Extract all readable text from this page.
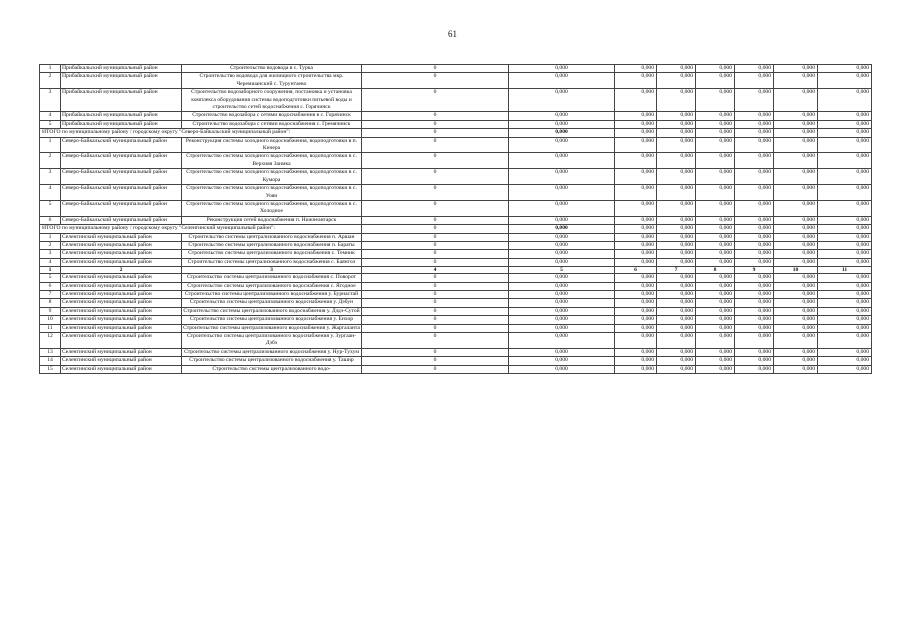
61
1	Прибайкальский муниципальный район	Строительство водовода в с. Турка	0	0,000	0,000	0,000	0,000	0,000	0,000	0,000
2	Прибайкальский муниципальный район	Строительство водовода для жилищного строительства мкр. Черемшанский с. Турунтаево	0	0,000	0,000	0,000	0,000	0,000	0,000	0,000
3	Прибайкальский муниципальный район	Строительство водозаборного сооружения, постановка и установка комплекса оборудования системы водоподготовки питьевой воды и строительство сетей водоснабжения с. Горячинск	0	0,000	0,000	0,000	0,000	0,000	0,000	0,000
4	Прибайкальский муниципальный район	Строительство водозабора с сетями водоснабжения в с. Горячинск	0	0,000	0,000	0,000	0,000	0,000	0,000	0,000
5	Прибайкальский муниципальный район	Строительство водозабора с сетями водоснабжения с. Гремячинск	0	0,000	0,000	0,000	0,000	0,000	0,000	0,000
ИТОГО по муниципальному району / городскому округу "Северо-Байкальский муниципальный район":			0	0,000	0,000	0,000	0,000	0,000	0,000	0,000
1	Северо-Байкальский муниципальный район	Реконструкция системы холодного водоснабжения, водоподготовки в п. Кичера	0	0,000	0,000	0,000	0,000	0,000	0,000	0,000
2	Северо-Байкальский муниципальный район	Строительство системы холодного водоснабжения, водоподготовки в с. Верхняя Заимка	0	0,000	0,000	0,000	0,000	0,000	0,000	0,000
3	Северо-Байкальский муниципальный район	Строительство системы холодного водоснабжения, водоподготовки в с. Кумора	0	0,000	0,000	0,000	0,000	0,000	0,000	0,000
4	Северо-Байкальский муниципальный район	Строительство системы холодного водоснабжения, водоподготовки в с. Уоян	0	0,000	0,000	0,000	0,000	0,000	0,000	0,000
5	Северо-Байкальский муниципальный район	Строительство системы холодного водоснабжения, водоподготовки в с. Холодное	0	0,000	0,000	0,000	0,000	0,000	0,000	0,000
6	Северо-Байкальский муниципальный район	Реконструкция сетей водоснабжения п. Нижнеангарск	0	0,000	0,000	0,000	0,000	0,000	0,000	0,000
ИТОГО по муниципальному району / городскому округу "Селенгинский муниципальный район":			0	0,000	0,000	0,000	0,000	0,000	0,000	0,000
1	Селенгинский муниципальный район	Строительство системы централизованного водоснабжения п. Аршан	0	0,000	0,000	0,000	0,000	0,000	0,000	0,000
2	Селенгинский муниципальный район	Строительство системы централизованного водоснабжения п. Бараты	0	0,000	0,000	0,000	0,000	0,000	0,000	0,000
3	Селенгинский муниципальный район	Строительство системы централизованного водоснабжения с. Темник	0	0,000	0,000	0,000	0,000	0,000	0,000	0,000
4	Селенгинский муниципальный район	Строительство системы централизованного водоснабжения с. Баянгол	0	0,000	0,000	0,000	0,000	0,000	0,000	0,000
1	2	3	4	5	6	7	8	9	10	11
5	Селенгинский муниципальный район	Строительство системы централизованного водоснабжения с. Поворот	0	0,000	0,000	0,000	0,000	0,000	0,000	0,000
6	Селенгинский муниципальный район	Строительство системы централизованного водоснабжения с. Ягодное	0	0,000	0,000	0,000	0,000	0,000	0,000	0,000
7	Селенгинский муниципальный район	Строительство системы централизованного водоснабжения у. Бурнастай	0	0,000	0,000	0,000	0,000	0,000	0,000	0,000
8	Селенгинский муниципальный район	Строительство системы централизованного водоснабжения у. Дэбун	0	0,000	0,000	0,000	0,000	0,000	0,000	0,000
9	Селенгинский муниципальный район	Строительство системы централизованного водоснабжения у. Дэдэ-Сутой	0	0,000	0,000	0,000	0,000	0,000	0,000	0,000
10	Селенгинский муниципальный район	Строительство системы централизованного водоснабжения у. Енхор	0	0,000	0,000	0,000	0,000	0,000	0,000	0,000
11	Селенгинский муниципальный район	Строительство системы централизованного водоснабжения у. Жаргаланта	0	0,000	0,000	0,000	0,000	0,000	0,000	0,000
12	Селенгинский муниципальный район	Строительство системы централизованного водоснабжения у. Зургаан-Дэбэ	0	0,000	0,000	0,000	0,000	0,000	0,000	0,000
13	Селенгинский муниципальный район	Строительство системы централизованного водоснабжения у. Нур-Тухум	0	0,000	0,000	0,000	0,000	0,000	0,000	0,000
14	Селенгинский муниципальный район	Строительство системы централизованного водоснабжения у. Ташир	0	0,000	0,000	0,000	0,000	0,000	0,000	0,000
15	Селенгинский муниципальный район	Строительство системы централизованного водо-	0	0,000	0,000	0,000	0,000	0,000	0,000	0,000
